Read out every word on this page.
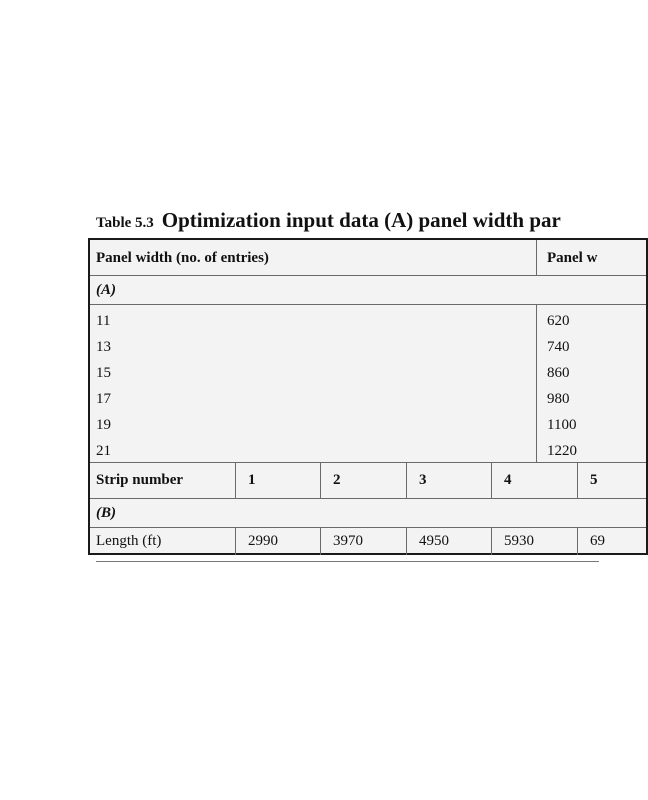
Table 5.3 Optimization input data (A) panel width par
Panel width (no. of entries)	Panel w
(A)
11	620
13	740
15	860
17	980
19	1100
21	1220
Strip number	1	2	3	4	5
(B)
Length (ft)	2990	3970	4950	5930	69
